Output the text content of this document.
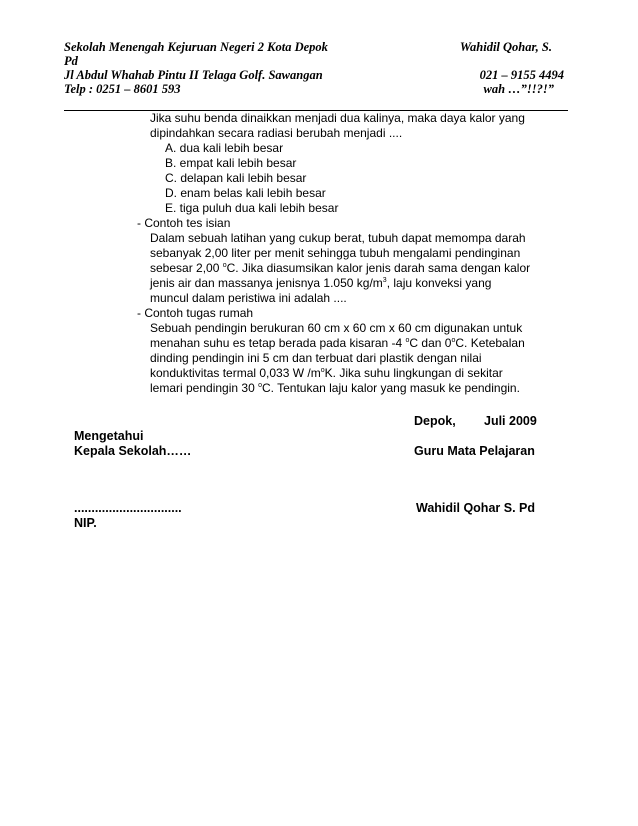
Sekolah Menengah Kejuruan Negeri 2 Kota Depok	Wahidil Qohar, S.
Pd
Jl Abdul Whahab Pintu II Telaga Golf. Sawangan	021 – 9155 4494
Telp : 0251 – 8601 593	wah …”!!?!”
Jika suhu benda dinaikkan menjadi dua kalinya, maka daya kalor yang
dipindahkan secara radiasi berubah menjadi ....
A. dua kali lebih besar
B. empat kali lebih besar
C. delapan kali lebih besar
D. enam belas kali lebih besar
E. tiga puluh dua kali lebih besar
- Contoh tes isian
Dalam sebuah latihan yang cukup berat, tubuh dapat memompa darah
sebanyak 2,00 liter per menit sehingga tubuh mengalami pendinginan
sebesar 2,00 $^o$C. Jika diasumsikan kalor jenis darah sama dengan kalor
jenis air dan massanya jenisnya 1.050 $kg/m^3$, laju konveksi yang
muncul dalam peristiwa ini adalah ....
- Contoh tugas rumah
Sebuah pendingin berukuran 60 cm x 60 cm x 60 cm digunakan untuk
menahan suhu es tetap berada pada kisaran -4 $^o$C dan 0$^o$C. Ketebalan
dinding pendingin ini 5 cm dan terbuat dari plastik dengan nilai
konduktivitas termal 0,033 W $/m^oK$. Jika suhu lingkungan di sekitar
lemari pendingin 30 $^o$C. Tentukan laju kalor yang masuk ke pendingin.
Depok, Juli 2009
Mengetahui
Kepala Sekolah……	Guru Mata Pelajaran
...............................	Wahidil Qohar S. Pd
NIP.
